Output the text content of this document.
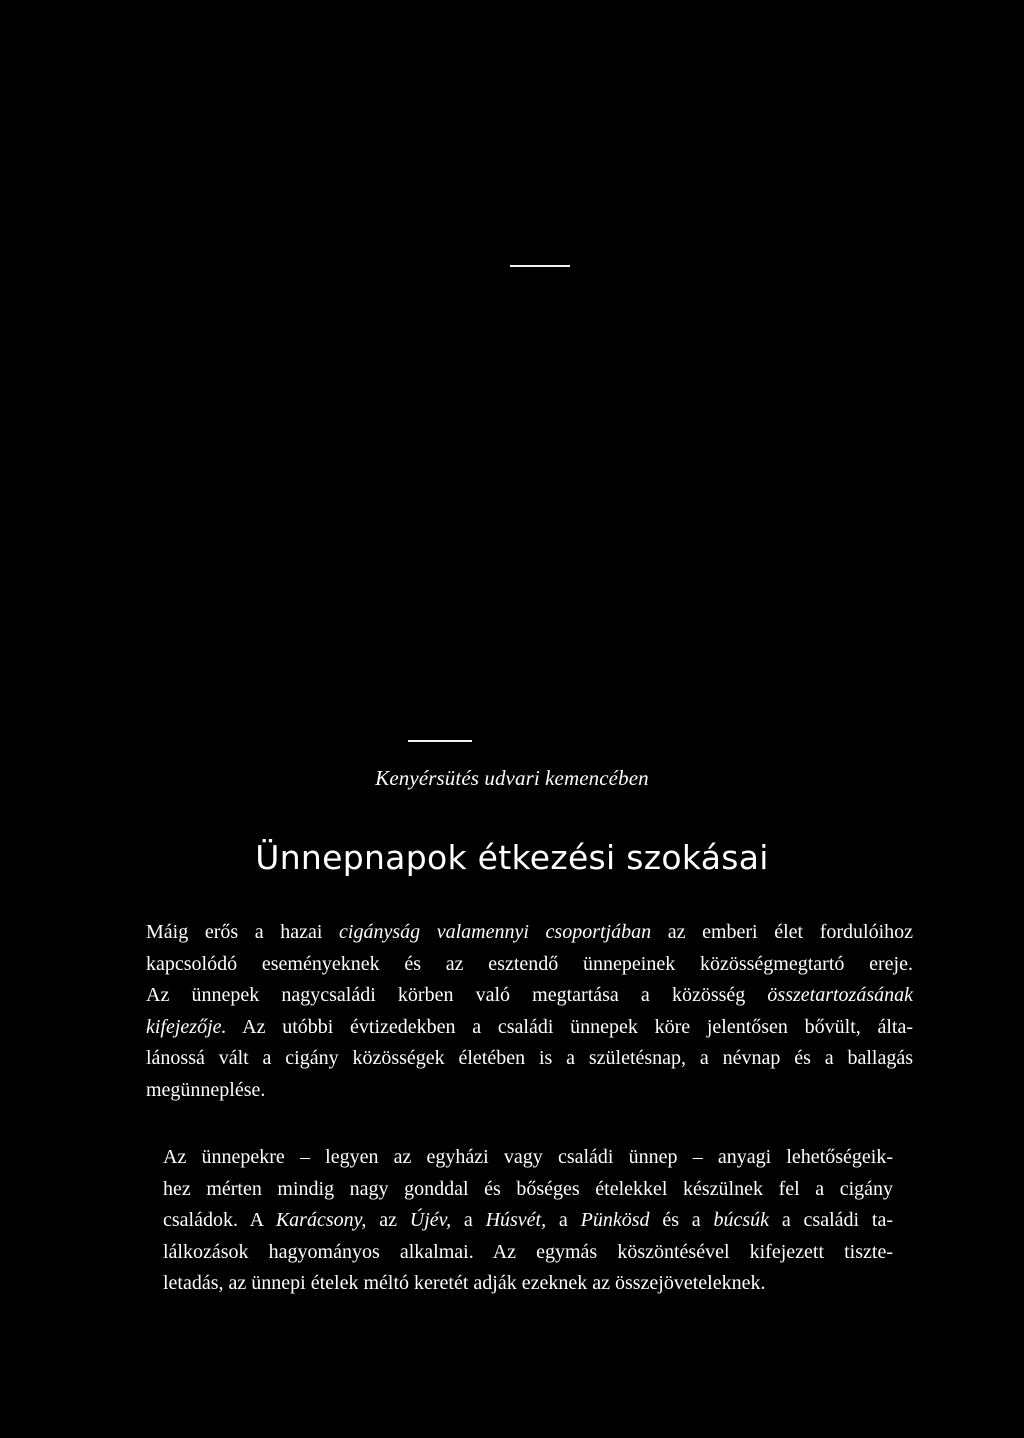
Kenyérsütés udvari kemencében

Ünnepnapok étkezési szokásai

Máig erős a hazai cigányság valamennyi csoportjában az emberi élet fordulóihoz
kapcsolódó eseményeknek és az esztendő ünnepeinek közösségmegtartó ereje.
Az ünnepek nagycsaládi körben való megtartása a közösség összetartozásának
kifejezője. Az utóbbi évtizedekben a családi ünnepek köre jelentősen bővült, álta-
lánossá vált a cigány közösségek életében is a születésnap, a névnap és a ballagás
megünneplése.

Az ünnepekre – legyen az egyházi vagy családi ünnep – anyagi lehetőségeik-
hez mérten mindig nagy gonddal és bőséges ételekkel készülnek fel a cigány
családok. A Karácsony, az Újév, a Húsvét, a Pünkösd és a búcsúk a családi ta-
lálkozások hagyományos alkalmai. Az egymás köszöntésével kifejezett tiszte-
letadás, az ünnepi ételek méltó keretét adják ezeknek az összejöveteleknek.
